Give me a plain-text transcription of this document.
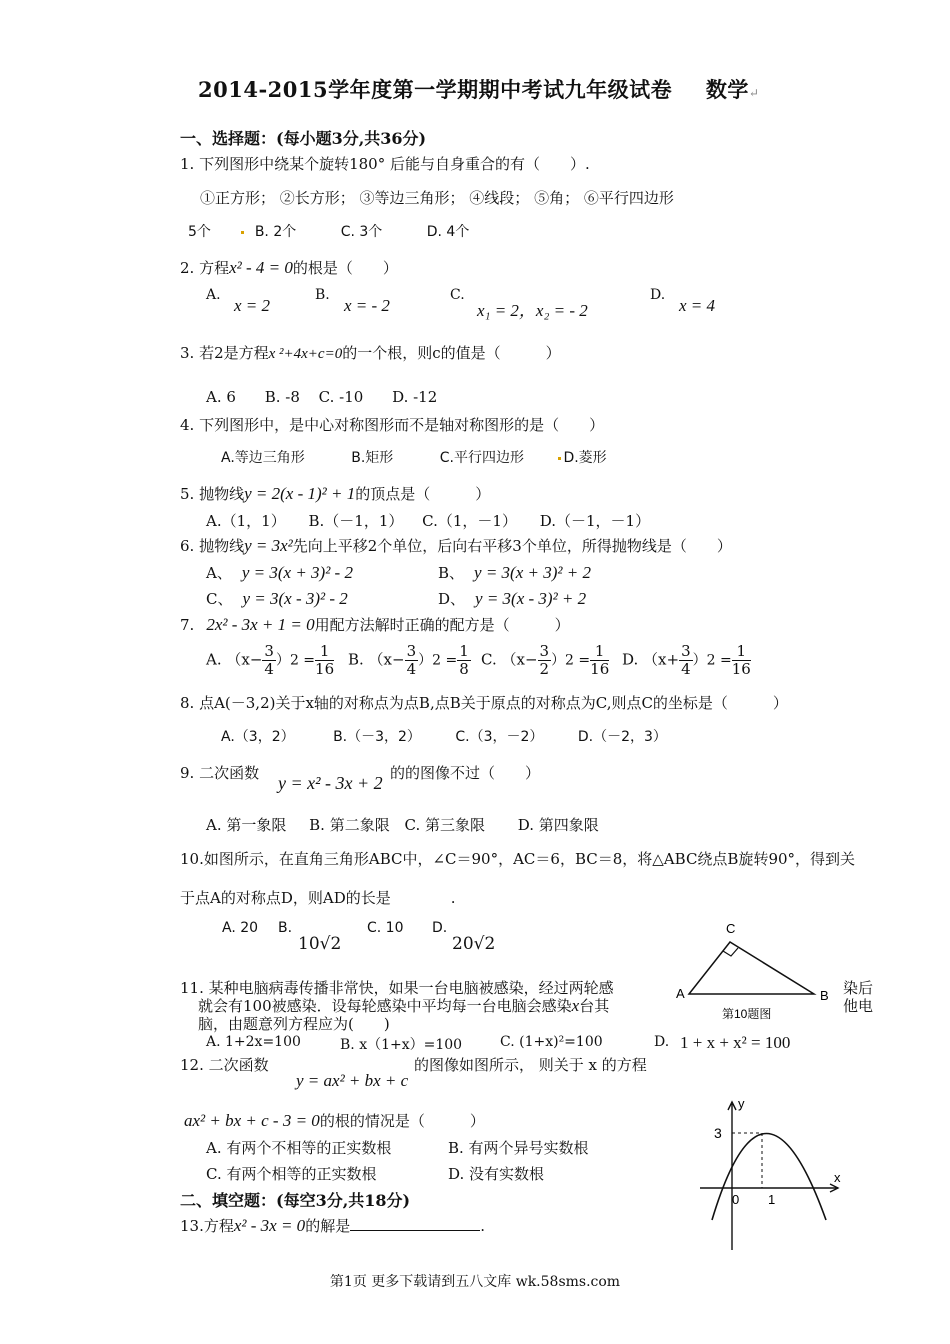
2014-2015学年度第一学期期中考试九年级试卷 数学↵
一、选择题：(每小题3分,共36分)
1. 下列图形中绕某个旋转180° 后能与自身重合的有（　　）.
①正方形； ②长方形； ③等边三角形； ④线段； ⑤角； ⑥平行四边形
5个	B. 2个	C. 3个	D. 4个
2. 方程x² - 4 = 0的根是（　　）
A.
x = 2
B.
x = - 2
C.
x₁ = 2，x₂ = - 2
D.
x = 4
3. 若2是方程x ²+4x+c=0的一个根，则c的值是（　　　）
A. 6 B. -8 C. -10 D. -12
4. 下列图形中，是中心对称图形而不是轴对称图形的是（　　）
A.等边三角形	B.矩形	C.平行四边形	D.菱形
5. 抛物线y = 2(x - 1)² + 1的顶点是（　　　）
A.（1，1） B.（－1，1） C.（1，－1） D.（－1，－1）
6. 抛物线y = 3x²先向上平移2个单位，后向右平移3个单位，所得抛物线是（　　）
A、 y = 3(x + 3)² - 2	B、 y = 3(x + 3)² + 2
C、 y = 3(x - 3)² - 2	D、 y = 3(x - 3)² + 2
7. 2x² - 3x + 1 = 0用配方法解时正确的配方是（　　　）
A. $(x- \frac{3}{4} )2 = \frac{1}{16} B$. $(x- \frac{3}{4} )2 = \frac{1}{8} C$. $(x- \frac{3}{2} )2 = \frac{1}{16} D$. $(x+ \frac{3}{4} )2 = \frac{1}{16}$
8. 点A(－3,2)关于x轴的对称点为点B,点B关于原点的对称点为C,则点C的坐标是（　　　）
A.（3，2）	B.（－3，2） C.（3，－2） D.（－2，3）
9. 二次函数 y = x² - 3x + 2 的的图像不过（　　）
A. 第一象限 B. 第二象限 C. 第三象限 D. 第四象限
10.如图所示，在直角三角形ABC中，∠C＝90°，AC＝6，BC＝8，将△ABC绕点B旋转90°，得到关
于点A的对称点D，则AD的长是　　　　.
A. 20 B.
10√2
C. 10 D.
20√2
A
C
B
第10题图
11. 某种电脑病毒传播非常快，如果一台电脑被感染，经过两轮感	染后
就会有100被感染．设每轮感染中平均每一台电脑会感染x台其	他电
脑，由题意列方程应为(　　)
A. 1+2x=100	B. x（1+x）=100	C. (1+x)²=100	D. 1 + x + x² = 100
12. 二次函数
y = ax² + bx + c
的图像如图所示， 则关于 x 的方程
ax² + bx + c - 3 = 0的根的情况是（　　　）
A. 有两个不相等的正实数根	B. 有两个异号实数根
C. 有两个相等的正实数根	D. 没有实数根
y
x
3
0 1
二、填空题：(每空3分,共18分)
13.方程x² - 3x = 0的解是	.
第1页 更多下载请到五八文库 wk.58sms.com
